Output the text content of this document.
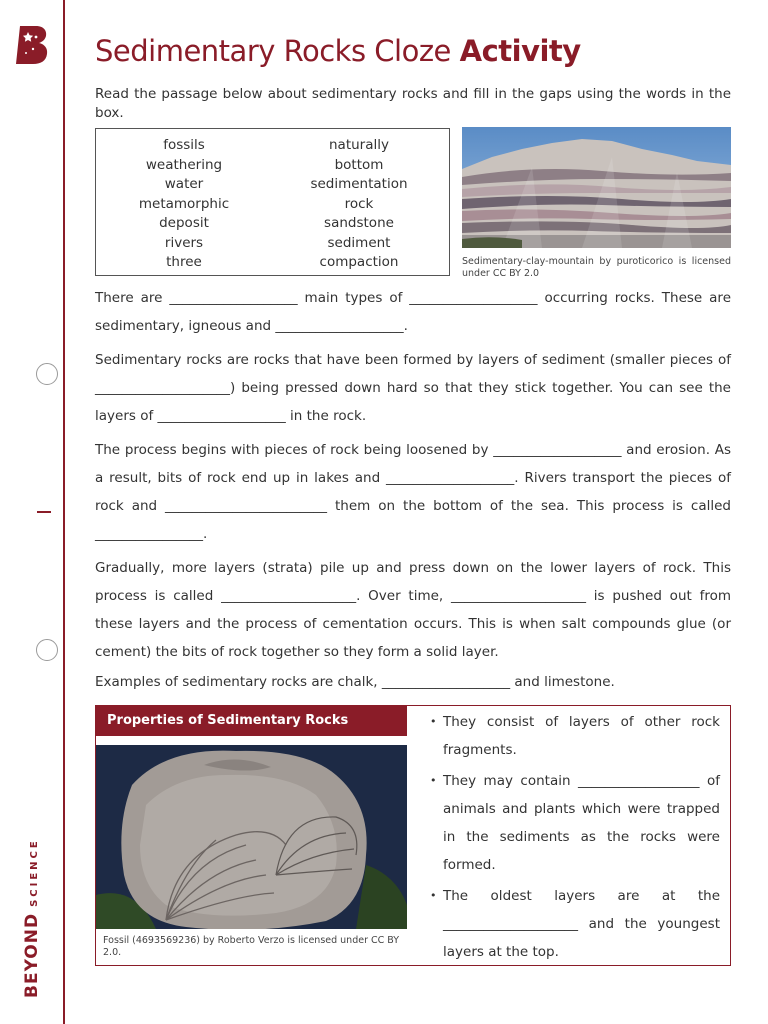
BEYONDSCIENCE
Sedimentary Rocks Cloze Activity

Read the passage below about sedimentary rocks and fill in the gaps using the words in the box.

fossils
weathering
water
metamorphic
deposit
rivers
three
naturally
bottom
sedimentation
rock
sandstone
sediment
compaction	Sedimentary-clay-mountain by puroticorico is licensed under CC BY 2.0

There are ___________________ main types of ___________________ occurring rocks. These are sedimentary, igneous and ___________________.

Sedimentary rocks are rocks that have been formed by layers of sediment (smaller pieces of ____________________) being pressed down hard so that they stick together. You can see the layers of ___________________ in the rock.

The process begins with pieces of rock being loosened by ___________________ and erosion. As a result, bits of rock end up in lakes and ___________________. Rivers transport the pieces of rock and ________________________ them on the bottom of the sea. This process is called ________________.

Gradually, more layers (strata) pile up and press down on the lower layers of rock. This process is called ____________________. Over time, ____________________ is pushed out from these layers and the process of cementation occurs. This is when salt compounds glue (or cement) the bits of rock together so they form a solid layer.

Examples of sedimentary rocks are chalk, ___________________ and limestone.

Properties of Sedimentary Rocks

Fossil (4693569236) by Roberto Verzo is licensed under CC BY 2.0.

• They consist of layers of other rock fragments.
• They may contain __________________ of animals and plants which were trapped in the sediments as the rocks were formed.
• The oldest layers are at the ____________________ and the youngest layers at the top.
